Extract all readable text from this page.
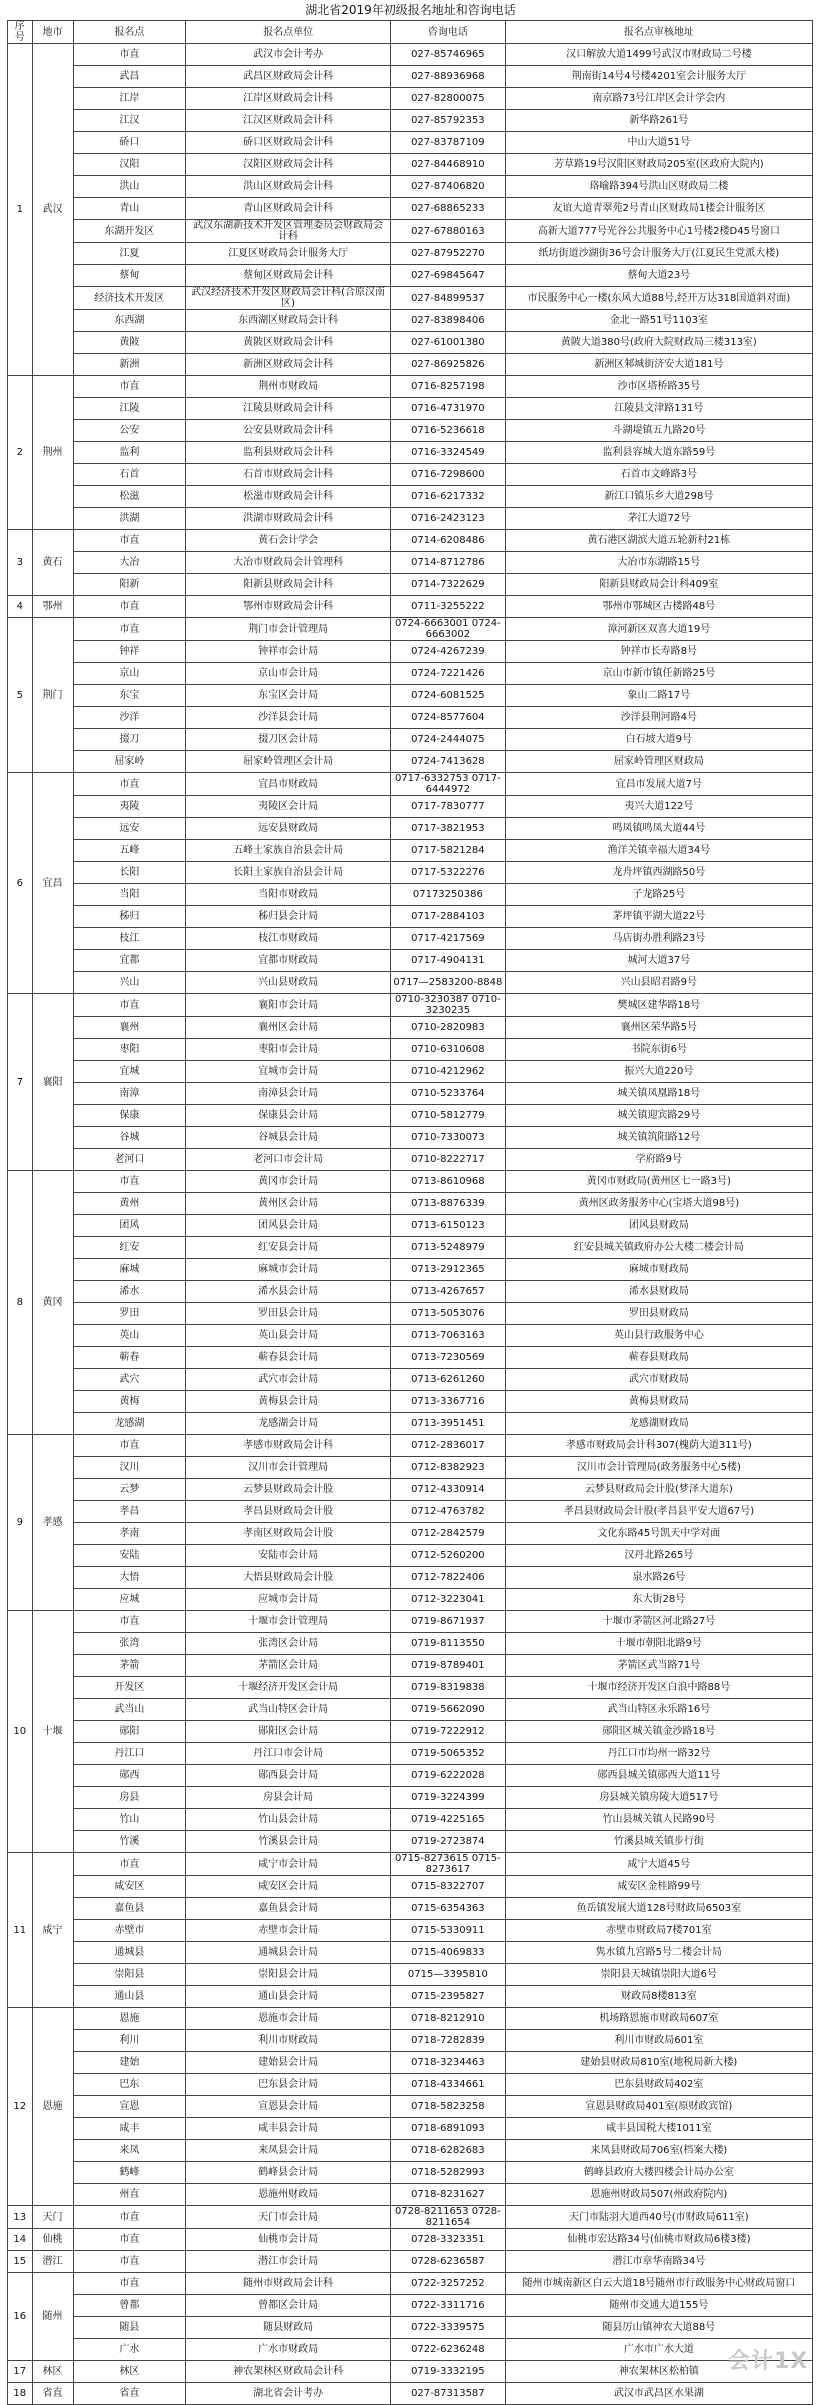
湖北省2019年初级报名地址和咨询电话
序号	地市	报名点	报名点单位	咨询电话	报名点审核地址
1	武汉	市直	武汉市会计考办	027-85746965	汉口解放大道1499号武汉市财政局二号楼
		武昌	武昌区财政局会计科	027-88936968	荆南街14号4号楼4201室会计服务大厅
		江岸	江岸区财政局会计科	027-82800075	南京路73号江岸区会计学会内
		江汉	江汉区财政局会计科	027-85792353	新华路261号
		硚口	硚口区财政局会计科	027-83787109	中山大道51号
		汉阳	汉阳区财政局会计科	027-84468910	芳草路19号汉阳区财政局205室(区政府大院内)
		洪山	洪山区财政局会计科	027-87406820	珞喻路394号洪山区财政局二楼
		青山	青山区财政局会计科	027-68865233	友谊大道青翠苑2号青山区财政局1楼会计服务区
		东湖开发区	武汉东湖新技术开发区管理委员会财政局会计科	027-67880163	高新大道777号光谷公共服务中心1号楼2楼D45号窗口
		江夏	江夏区财政局会计服务大厅	027-87952270	纸坊街道沙湖街36号会计服务大厅(江夏民生党派大楼)
		蔡甸	蔡甸区财政局会计科	027-69845647	蔡甸大道23号
		经济技术开发区	武汉经济技术开发区财政局会计科(合原汉南区)	027-84899537	市民服务中心一楼(东风大道88号,经开万达318国道斜对面)
		东西湖	东西湖区财政局会计科	027-83898406	金北一路51号1103室
		黄陂	黄陂区财政局会计科	027-61001380	黄陂大道380号(政府大院财政局三楼313室)
		新洲	新洲区财政局会计科	027-86925826	新洲区邾城街济安大道181号
2	荆州	市直	荆州市财政局	0716-8257198	沙市区塔桥路35号
		江陵	江陵县财政局会计科	0716-4731970	江陵县文津路131号
		公安	公安县财政局会计科	0716-5236618	斗湖堤镇五九路20号
		监利	监利县财政局会计科	0716-3324549	监利县容城大道东路59号
		石首	石首市财政局会计科	0716-7298600	石首市文峰路3号
		松滋	松滋市财政局会计科	0716-6217332	新江口镇乐乡大道298号
		洪湖	洪湖市财政局会计科	0716-2423123	茅江大道72号
3	黄石	市直	黄石会计学会	0714-6208486	黄石港区湖滨大道五轮新村21栋
		大冶	大冶市财政局会计管理科	0714-8712786	大冶市东湖路15号
		阳新	阳新县财政局会计科	0714-7322629	阳新县财政局会计科409室
4	鄂州	市直	鄂州市财政局会计科	0711-3255222	鄂州市鄂城区古楼路48号
5	荆门	市直	荆门市会计管理局	0724-6663001 0724-6663002	漳河新区双喜大道19号
		钟祥	钟祥市会计局	0724-4267239	钟祥市长寿路8号
		京山	京山市会计局	0724-7221426	京山市新市镇任新路25号
		东宝	东宝区会计局	0724-6081525	象山二路17号
		沙洋	沙洋县会计局	0724-8577604	沙洋县荆河路4号
		掇刀	掇刀区会计局	0724-2444075	白石坡大道9号
		屈家岭	屈家岭管理区会计局	0724-7413628	屈家岭管理区财政局
6	宜昌	市直	宜昌市财政局	0717-6332753 0717-6444972	宜昌市发展大道7号
		夷陵	夷陵区会计局	0717-7830777	夷兴大道122号
		远安	远安县财政局	0717-3821953	鸣凤镇鸣凤大道44号
		五峰	五峰土家族自治县会计局	0717-5821284	渔洋关镇幸福大道34号
		长阳	长阳土家族自治县会计局	0717-5322276	龙舟坪镇西湖路50号
		当阳	当阳市财政局	07173250386	子龙路25号
		秭归	秭归县会计局	0717-2884103	茅坪镇平湖大道22号
		枝江	枝江市财政局	0717-4217569	马店街办胜利路23号
		宜都	宜都市财政局	0717-4904131	城河大道37号
		兴山	兴山县财政局	0717—2583200-8848	兴山县昭君路9号
7	襄阳	市直	襄阳市会计局	0710-3230387 0710-3230235	樊城区建华路18号
		襄州	襄州区会计局	0710-2820983	襄州区荣华路5号
		枣阳	枣阳市会计局	0710-6310608	书院东街6号
		宜城	宜城市会计局	0710-4212962	振兴大道220号
		南漳	南漳县会计局	0710-5233764	城关镇凤凰路18号
		保康	保康县会计局	0710-5812779	城关镇迎宾路29号
		谷城	谷城县会计局	0710-7330073	城关镇筑阳路12号
		老河口	老河口市会计局	0710-8222717	学府路9号
8	黄冈	市直	黄冈市会计局	0713-8610968	黄冈市财政局(黄州区七一路3号)
		黄州	黄州区会计局	0713-8876339	黄州区政务服务中心(宝塔大道98号)
		团风	团风县会计局	0713-6150123	团风县财政局
		红安	红安县会计局	0713-5248979	红安县城关镇政府办公大楼二楼会计局
		麻城	麻城市会计局	0713-2912365	麻城市财政局
		浠水	浠水县会计局	0713-4267657	浠水县财政局
		罗田	罗田县会计局	0713-5053076	罗田县财政局
		英山	英山县会计局	0713-7063163	英山县行政服务中心
		蕲春	蕲春县会计局	0713-7230569	蕲春县财政局
		武穴	武穴市会计局	0713-6261260	武穴市财政局
		黄梅	黄梅县会计局	0713-3367716	黄梅县财政局
		龙感湖	龙感湖会计局	0713-3951451	龙感湖财政局
9	孝感	市直	孝感市财政局会计科	0712-2836017	孝感市财政局会计科307(槐荫大道311号)
		汉川	汉川市会计管理局	0712-8382923	汉川市会计管理局(政务服务中心5楼)
		云梦	云梦县财政局会计股	0712-4330914	云梦县财政局会计股(梦泽大道东)
		孝昌	孝昌县财政局会计股	0712-4763782	孝昌县财政局会计股(孝昌县平安大道67号)
		孝南	孝南区财政局会计股	0712-2842579	文化东路45号凯天中学对面
		安陆	安陆市会计局	0712-5260200	汉丹北路265号
		大悟	大悟县财政局会计股	0712-7822406	泉水路26号
		应城	应城市会计局	0712-3223041	东大街28号
10	十堰	市直	十堰市会计管理局	0719-8671937	十堰市茅箭区河北路27号
		张湾	张湾区会计局	0719-8113550	十堰市朝阳北路9号
		茅箭	茅箭区会计局	0719-8789401	茅箭区武当路71号
		开发区	十堰经济开发区会计局	0719-8319838	十堰市经济开发区白浪中路88号
		武当山	武当山特区会计局	0719-5662090	武当山特区永乐路16号
		郧阳	郧阳区会计局	0719-7222912	郧阳区城关镇金沙路18号
		丹江口	丹江口市会计局	0719-5065352	丹江口市均州一路32号
		郧西	郧西县会计局	0719-6222028	郧西县城关镇郧西大道11号
		房县	房县会计局	0719-3224399	房县城关镇房陵大道517号
		竹山	竹山县会计局	0719-4225165	竹山县城关镇人民路90号
		竹溪	竹溪县会计局	0719-2723874	竹溪县城关镇步行街
11	咸宁	市直	咸宁市会计局	0715-8273615 0715-8273617	咸宁大道45号
		咸安区	咸安区会计局	0715-8322707	咸安区金桂路99号
		嘉鱼县	嘉鱼县会计局	0715-6354363	鱼岳镇发展大道128号财政局6503室
		赤壁市	赤壁市会计局	0715-5330911	赤壁市财政局7楼701室
		通城县	通城县会计局	0715-4069833	隽水镇九宫路5号二楼会计局
		崇阳县	崇阳县会计局	0715—3395810	崇阳县天城镇崇阳大道6号
		通山县	通山县会计局	0715-2395827	财政局8楼813室
12	恩施	恩施	恩施市会计局	0718-8212910	机场路恩施市财政局607室
		利川	利川市财政局	0718-7282839	利川市财政局601室
		建始	建始县会计局	0718-3234463	建始县财政局810室(地税局新大楼)
		巴东	巴东县会计局	0718-4334661	巴东县财政局402室
		宣恩	宣恩县会计局	0718-5823258	宣恩县财政局401室(原财政宾馆)
		咸丰	咸丰县会计局	0718-6891093	咸丰县国税大楼1011室
		来凤	来凤县会计局	0718-6282683	来凤县财政局706室(档案大楼)
		鹤峰	鹤峰县会计局	0718-5282993	鹤峰县政府大楼四楼会计局办公室
		州直	恩施州财政局	0718-8231627	恩施州财政局507(州政府院内)
13	天门	市直	天门市会计局	0728-8211653 0728-8211654	天门市陆羽大道西40号(市财政局611室)
14	仙桃	市直	仙桃市会计局	0728-3323351	仙桃市宏达路34号(仙桃市财政局6楼3楼)
15	潜江	市直	潜江市会计局	0728-6236587	潜江市章华南路34号
16	随州	市直	随州市财政局会计科	0722-3257252	随州市城南新区白云大道18号随州市行政服务中心财政局窗口
		曾都	曾都区会计局	0722-3311716	随州市交通大道155号
		随县	随县财政局	0722-3339575	随县厉山镇神农大道88号
		广水	广水市财政局	0722-6236248	广水市广水大道
17	林区	林区	神农架林区财政局会计科	0719-3332195	神农架林区松柏镇
18	省直	省直	湖北省会计考办	027-87313587	武汉市武昌区水果湖
会计1X
